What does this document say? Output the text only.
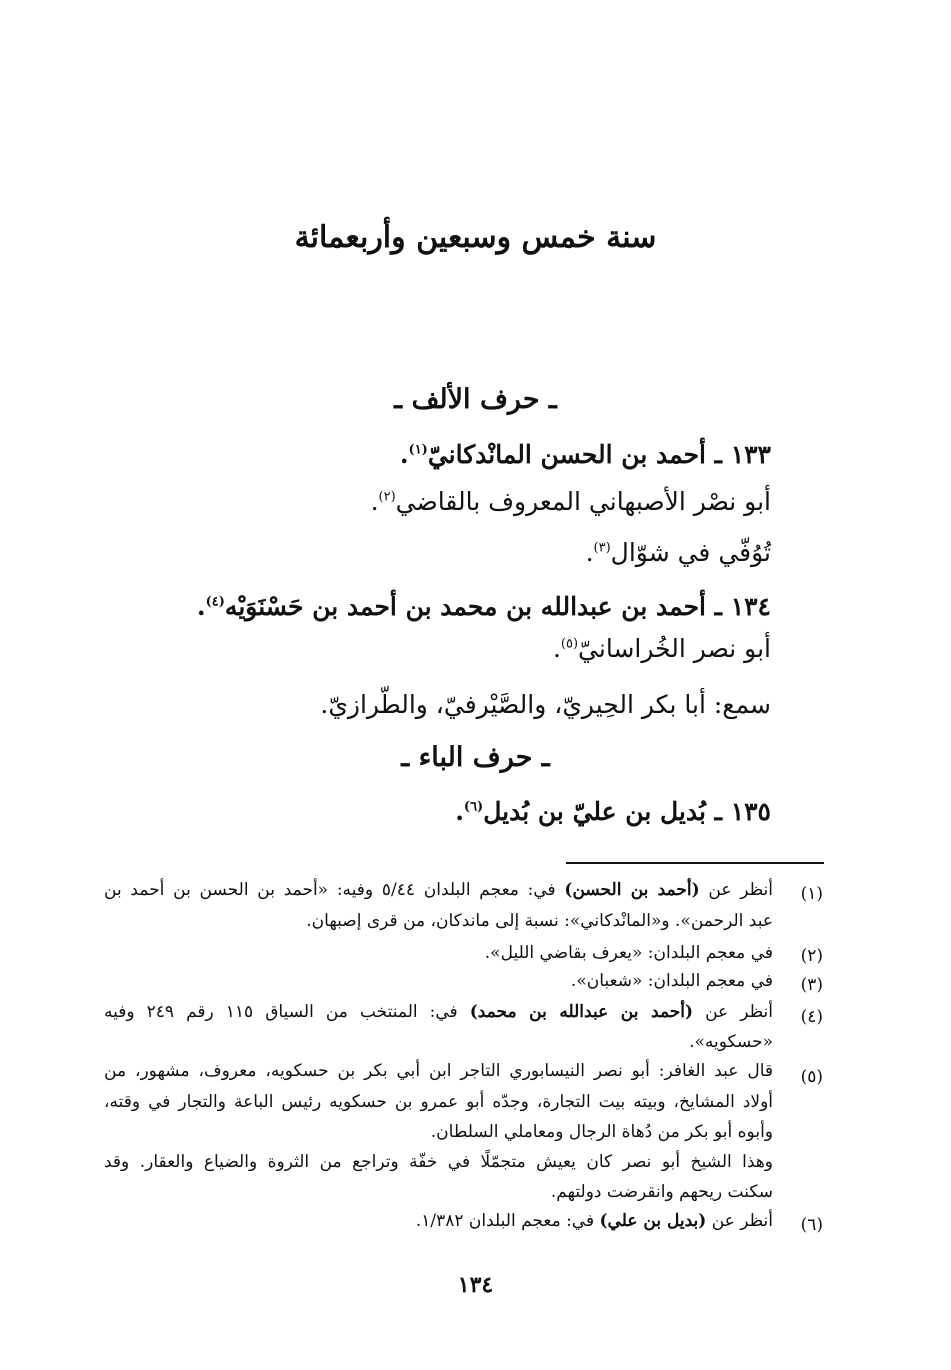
سنة خمس وسبعين وأربعمائة
ـ حرف الألف ـ
١٣٣ ـ أحمد بن الحسن المانْدكانيّ$^{(١)}$.
أبو نصْر الأصبهاني المعروف بالقاضي$^{(٢)}$.
تُوُفّي في شوّال$^{(٣)}$.
١٣٤ ـ أحمد بن عبدالله بن محمد بن أحمد بن حَسْنَوَيْه$^{(٤)}$.
أبو نصر الخُراسانيّ$^{(٥)}$.
سمع: أبا بكر الحِيريّ، والصَّيْرفيّ، والطّرازيّ.
ـ حرف الباء ـ
١٣٥ ـ بُديل بن عليّ بن بُديل$^{(٦)}$.
(١)
أنظر عن (أحمد بن الحسن) في: معجم البلدان ٥/٤٤ وفيه: «أحمد بن الحسن بن أحمد بن
عبد الرحمن». و«المانْدكاني»: نسبة إلى ماندكان، من قرى إصبهان.
(٢)
في معجم البلدان: «يعرف بقاضي الليل».
(٣)
في معجم البلدان: «شعبان».
(٤)
أنظر عن (أحمد بن عبدالله بن محمد) في: المنتخب من السياق ١١٥ رقم ٢٤٩ وفيه
«حسكويه».
(٥)
قال عبد الغافر: أبو نصر النيسابوري التاجر ابن أبي بكر بن حسكويه، معروف، مشهور، من
أولاد المشايخ، وبيته بيت التجارة، وجدّه أبو عمرو بن حسكويه رئيس الباعة والتجار في وقته،
وأبوه أبو بكر من دُهاة الرجال ومعاملي السلطان.
وهذا الشيخ أبو نصر كان يعيش متجمّلًا في خفّة وتراجع من الثروة والضياع والعقار. وقد
سكنت ريحهم وانقرضت دولتهم.
(٦)
أنظر عن (بديل بن علي) في: معجم البلدان ١/٣٨٢.
١٣٤
